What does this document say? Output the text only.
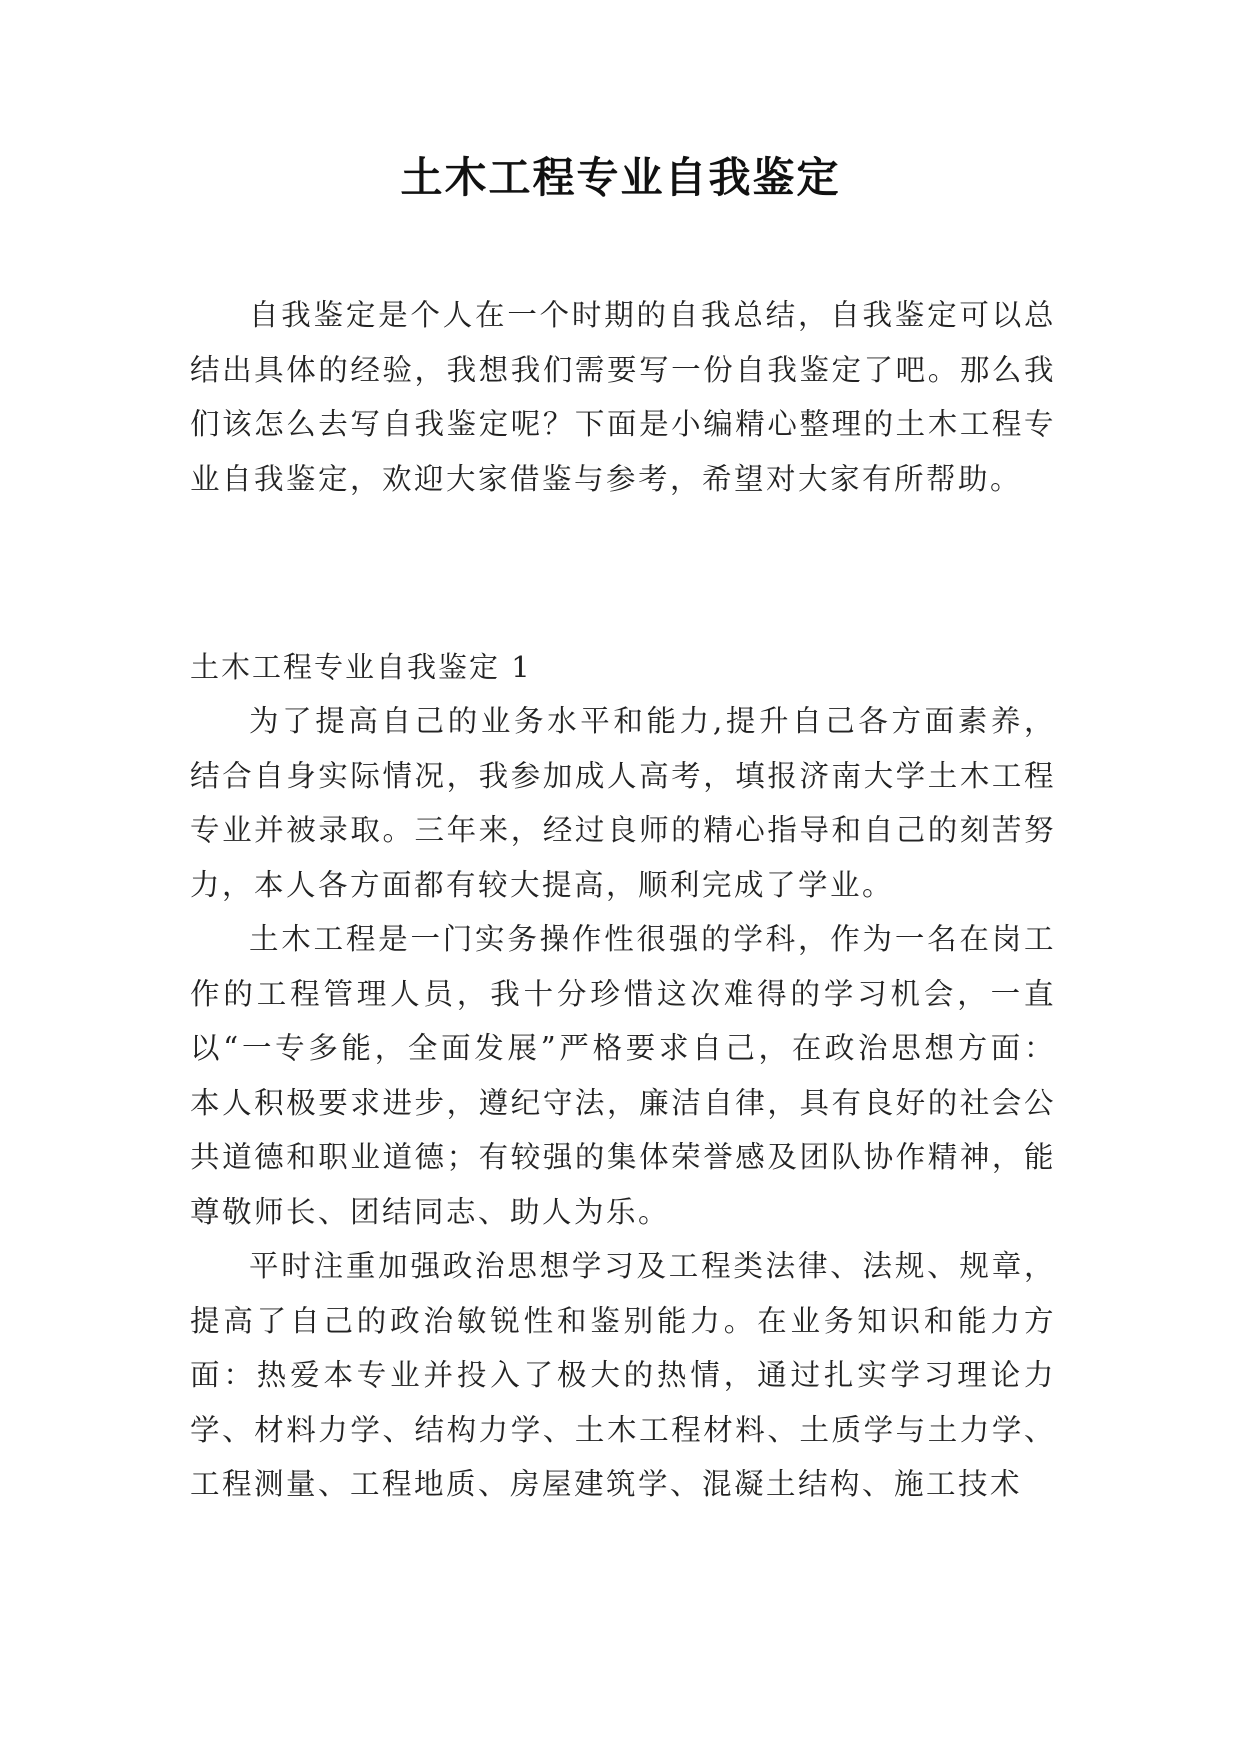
土木工程专业自我鉴定

自我鉴定是个人在一个时期的自我总结，自我鉴定可以总结出具体的经验，我想我们需要写一份自我鉴定了吧。那么我们该怎么去写自我鉴定呢？下面是小编精心整理的土木工程专业自我鉴定，欢迎大家借鉴与参考，希望对大家有所帮助。

土木工程专业自我鉴定 1

为了提高自己的业务水平和能力,提升自己各方面素养，结合自身实际情况，我参加成人高考，填报济南大学土木工程专业并被录取。三年来，经过良师的精心指导和自己的刻苦努力，本人各方面都有较大提高，顺利完成了学业。

土木工程是一门实务操作性很强的学科，作为一名在岗工作的工程管理人员，我十分珍惜这次难得的学习机会，一直以“一专多能，全面发展”严格要求自己，在政治思想方面：本人积极要求进步，遵纪守法，廉洁自律，具有良好的社会公共道德和职业道德；有较强的集体荣誉感及团队协作精神，能尊敬师长、团结同志、助人为乐。

平时注重加强政治思想学习及工程类法律、法规、规章，提高了自己的政治敏锐性和鉴别能力。在业务知识和能力方面：热爱本专业并投入了极大的热情，通过扎实学习理论力学、材料力学、结构力学、土木工程材料、土质学与土力学、工程测量、工程地质、房屋建筑学、混凝土结构、施工技术
